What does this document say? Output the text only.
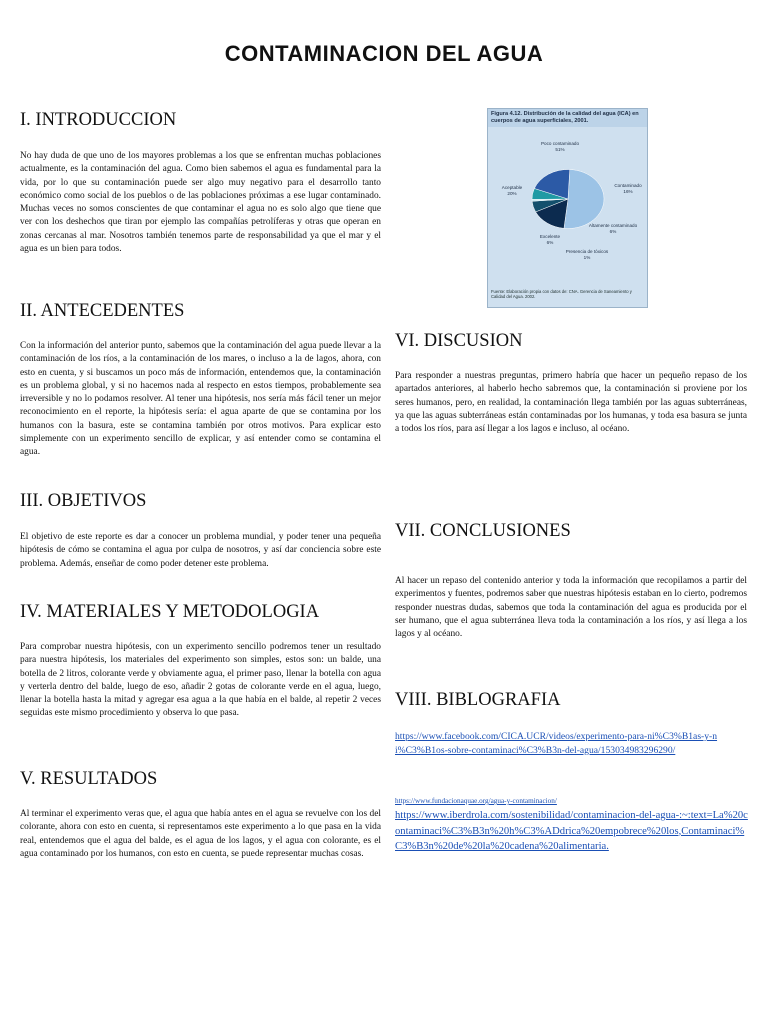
CONTAMINACION DEL AGUA
I. INTRODUCCION

No hay duda de que uno de los mayores problemas a los que se enfrentan muchas poblaciones actualmente, es la contaminación del agua. Como bien sabemos el agua es fundamental para la vida, por lo que su contaminación puede ser algo muy negativo para el desarrollo tanto económico como social de los pueblos o de las poblaciones próximas a ese lugar contaminado. Muchas veces no somos conscientes de que contaminar el agua no es solo algo que tiene que ver con los deshechos que tiran por ejemplo las compañías petrolíferas y otras que operan en zonas cercanas al mar. Nosotros también tenemos parte de responsabilidad ya que el mar y el agua es un bien para todos.

II. ANTECEDENTES

Con la información del anterior punto, sabemos que la contaminación del agua puede llevar a la contaminación de los ríos, a la contaminación de los mares, o incluso a la de lagos, ahora, con esto en cuenta, y si buscamos un poco más de información, entendemos que, la contaminación es un problema global, y si no hacemos nada al respecto en estos tiempos, probablemente sea irreversible y no lo podamos resolver. Al tener una hipótesis, nos sería más fácil tener un mejor reconocimiento en el reporte, la hipótesis sería: el agua aparte de que se contamina por los humanos con la basura, este se contamina también por otros motivos. Para explicar esto simplemente con un experimento sencillo de explicar, y así entender como se contamina el agua.

III. OBJETIVOS

El objetivo de este reporte es dar a conocer un problema mundial, y poder tener una pequeña hipótesis de cómo se contamina el agua por culpa de nosotros, y así dar conciencia sobre este problema. Además, enseñar de como poder detener este problema.

IV. MATERIALES Y METODOLOGIA

Para comprobar nuestra hipótesis, con un experimento sencillo podremos tener un resultado para nuestra hipótesis, los materiales del experimento son simples, estos son: un balde, una botella de 2 litros, colorante verde y obviamente agua, el primer paso, llenar la botella con agua y verterla dentro del balde, luego de eso, añadir 2 gotas de colorante verde en el agua, luego, llenar la botella hasta la mitad y agregar esa agua a la que había en el balde, al repetir 2 veces seguidas este mismo procedimiento y observa lo que pasa.

V. RESULTADOS

Al terminar el experimento veras que, el agua que había antes en el agua se revuelve con los del colorante, ahora con esto en cuenta, si representamos este experimento a lo que pasa en la vida real, entendemos que el agua del balde, es el agua de los lagos, y el agua con colorante, es el agua contaminado por los humanos, con esto en cuenta, se puede representar muchas cosas.

Figura 4.12. Distribución de la calidad del agua (ICA) en cuerpos de agua superficiales, 2001.
Poco contaminado
51%
Contaminado
16%
Altamente contaminado
6%
Presencia de tóxicos
1%
Excelente
6%
Aceptable
20%
Fuente: Elaboración propia con datos de: CNA. Gerencia de Saneamiento y Calidad del Agua. 2002.
VI. DISCUSION

Para responder a nuestras preguntas, primero habría que hacer un pequeño repaso de los apartados anteriores, al haberlo hecho sabremos que, la contaminación si proviene por los seres humanos, pero, en realidad, la contaminación llega también por las aguas subterráneas, ya que las aguas subterráneas están contaminadas por los humanas, y toda esa basura se junta a todos los ríos, para así llegar a los lagos e incluso, al océano.

VII. CONCLUSIONES

Al hacer un repaso del contenido anterior y toda la información que recopilamos a partir del experimentos y fuentes, podremos saber que nuestras hipótesis estaban en lo cierto, podremos responder nuestras dudas, sabemos que toda la contaminación del agua es producida por el ser humano, que el agua subterránea lleva toda la contaminación a los ríos, y así llega a los lagos y al océano.

VIII. BIBLOGRAFIA
https://www.facebook.com/CICA.UCR/videos/experimento-para-ni%C3%B1as-y-ni%C3%B1os-sobre-contaminaci%C3%B3n-del-agua/153034983296290/
https://www.fundacionaquae.org/agua-y-contaminacion/
https://www.iberdrola.com/sostenibilidad/contaminacion-del-agua-:~:text=La%20contaminaci%C3%B3n%20h%C3%ADdrica%20empobrece%20los,Contaminaci%C3%B3n%20de%20la%20cadena%20alimentaria.
